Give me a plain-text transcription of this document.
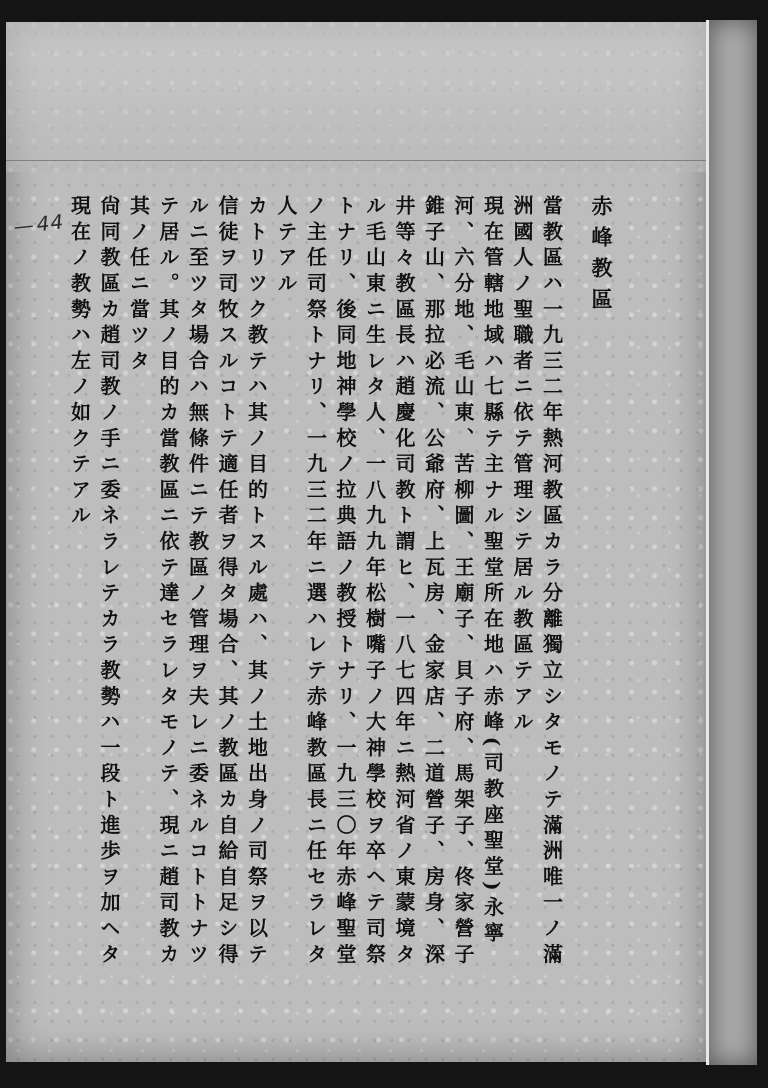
— 44	赤峰教區

當教區ハ一九三二年熱河教區カラ分離獨立シタモノテ滿洲唯一ノ滿

洲國人ノ聖職者ニ依テ管理シテ居ル教區テアル

現在管轄地域ハ七縣テ主ナル聖堂所在地ハ赤峰(司教座聖堂)永寧

河、六分地、毛山東、苦柳圖、王廟子、貝子府、馬架子、佟家營子

錐子山、那拉必流、公爺府、上瓦房、金家店、二道營子、房身、深

井等々教區長ハ趙慶化司教ト謂ヒ、一八七四年ニ熱河省ノ東蒙境タ

ル毛山東ニ生レタ人、一八九九年松樹嘴子ノ大神學校ヲ卒ヘテ司祭

トナリ、後同地神學校ノ拉典語ノ教授トナリ、一九三〇年赤峰聖堂

ノ主任司祭トナリ、一九三二年ニ選ハレテ赤峰教區長ニ任セラレタ

人テアル

カトリツク教テハ其ノ目的トスル處ハ、其ノ土地出身ノ司祭ヲ以テ

信徒ヲ司牧スルコトテ適任者ヲ得タ場合、其ノ教區カ自給自足シ得

ルニ至ツタ場合ハ無條件ニテ教區ノ管理ヲ夫レニ委ネルコトトナツ

テ居ル。其ノ目的カ當教區ニ依テ達セラレタモノテ、現ニ趙司教カ

其ノ任ニ當ツタ

尙同教區カ趙司教ノ手ニ委ネラレテカラ教勢ハ一段ト進歩ヲ加ヘタ

現在ノ教勢ハ左ノ如クテアル
